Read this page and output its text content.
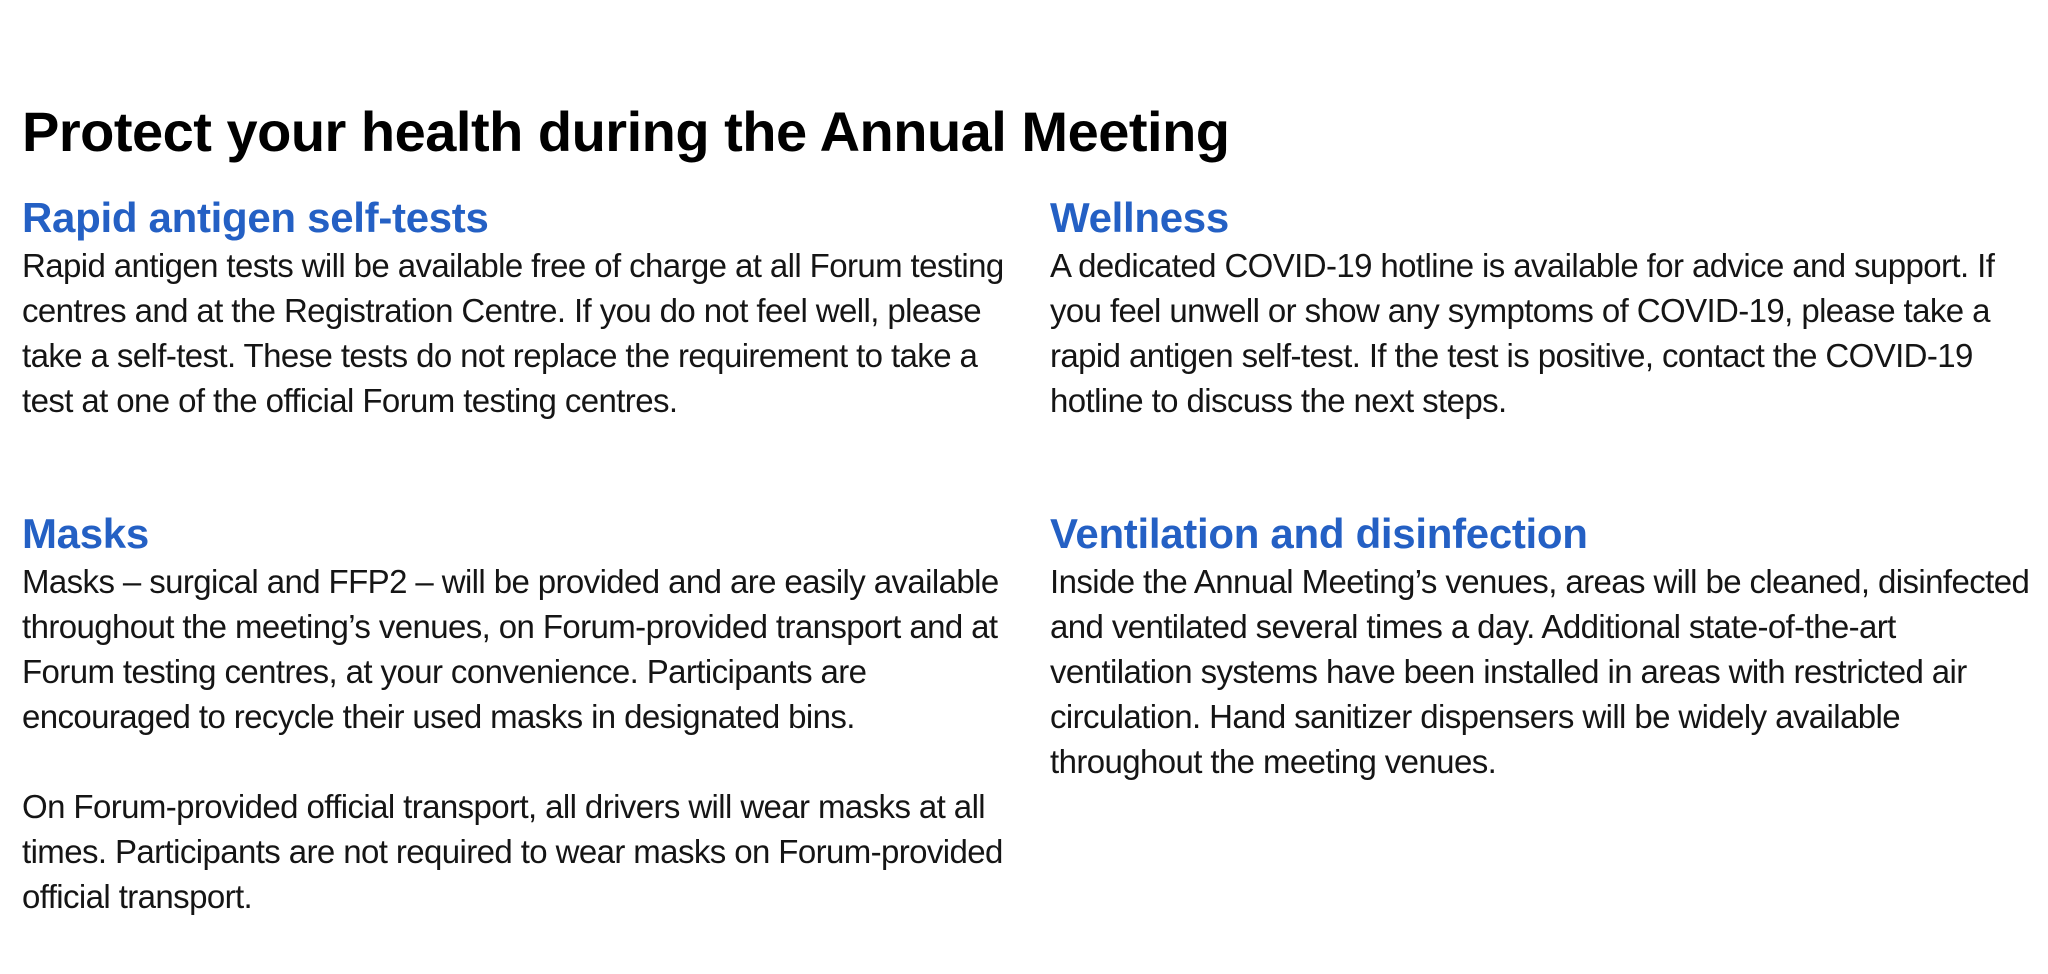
Protect your health during the Annual Meeting
Rapid antigen self-tests

Rapid antigen tests will be available free of charge at all Forum testing centres and at the Registration Centre. If you do not feel well, please take a self-test. These tests do not replace the requirement to take a test at one of the official Forum testing centres.

Wellness

A dedicated COVID-19 hotline is available for advice and support. If you feel unwell or show any symptoms of COVID-19, please take a rapid antigen self-test. If the test is positive, contact the COVID-19 hotline to discuss the next steps.

Masks

Masks – surgical and FFP2 – will be provided and are easily available throughout the meeting’s venues, on Forum-provided transport and at Forum testing centres, at your convenience. Participants are encouraged to recycle their used masks in designated bins.

On Forum-provided official transport, all drivers will wear masks at all times. Participants are not required to wear masks on Forum-provided official transport.

Ventilation and disinfection

Inside the Annual Meeting’s venues, areas will be cleaned, disinfected and ventilated several times a day. Additional state-of-the-art ventilation systems have been installed in areas with restricted air circulation. Hand sanitizer dispensers will be widely available throughout the meeting venues.
